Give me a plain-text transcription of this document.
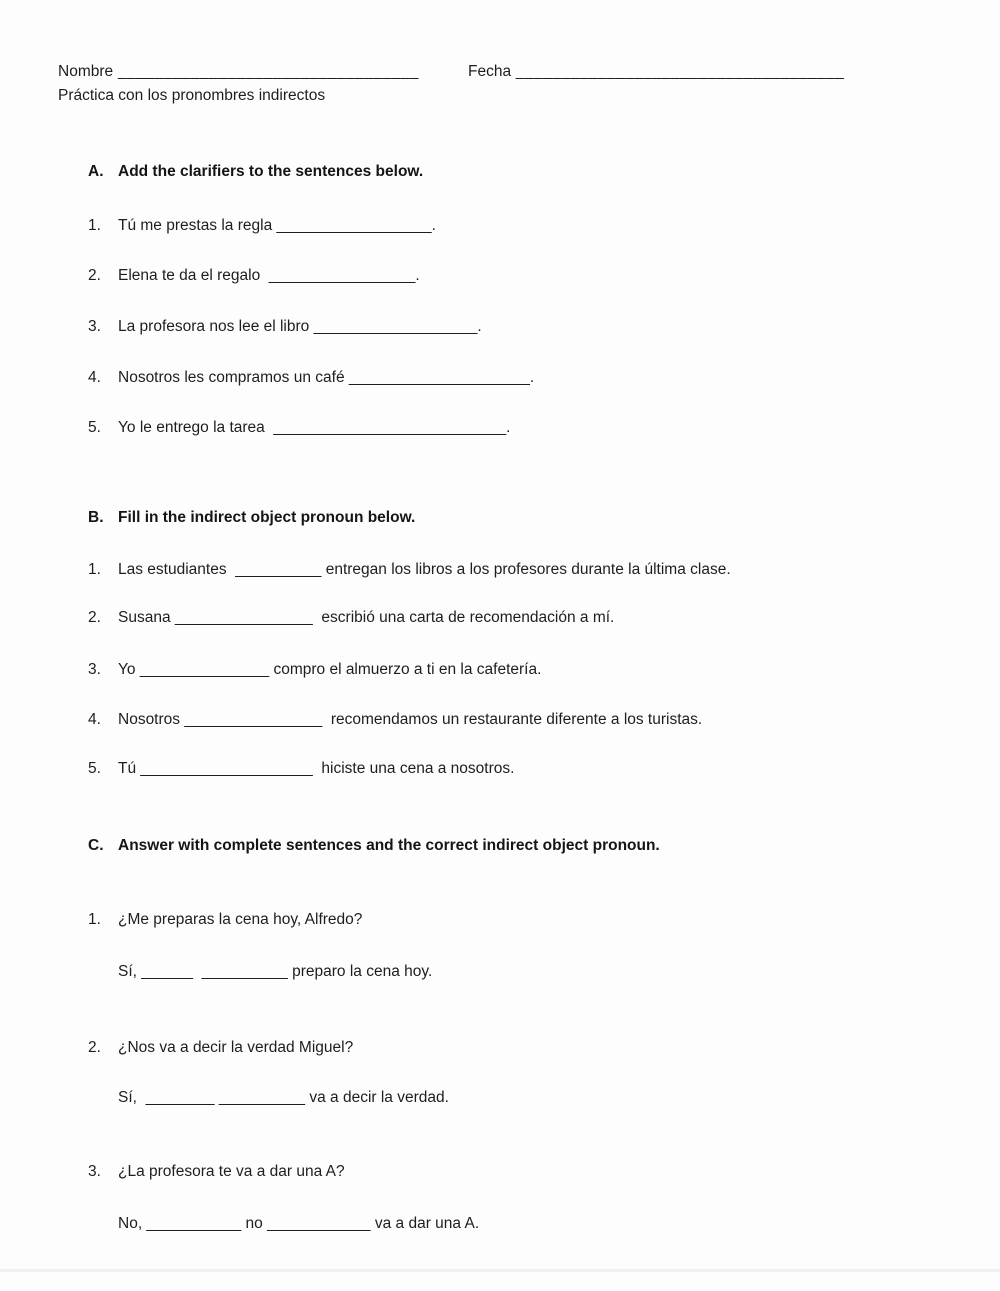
Nombre _________________________________	Fecha ____________________________________
Práctica con los pronombres indirectos
A. Add the clarifiers to the sentences below.
1.	Tú me prestas la regla __________________.
2.	Elena te da el regalo  _________________.
3.	La profesora nos lee el libro ___________________.
4.	Nosotros les compramos un café _____________________.
5.	Yo le entrego la tarea  ___________________________.
B. Fill in the indirect object pronoun below.
1.	Las estudiantes  __________ entregan los libros a los profesores durante la última clase.
2.	Susana ________________  escribió una carta de recomendación a mí.
3.	Yo _______________ compro el almuerzo a ti en la cafetería.
4.	Nosotros ________________  recomendamos un restaurante diferente a los turistas.
5.	Tú ____________________  hiciste una cena a nosotros.
C. Answer with complete sentences and the correct indirect object pronoun.
1.	¿Me preparas la cena hoy, Alfredo?
Sí, ______  __________ preparo la cena hoy.
2.	¿Nos va a decir la verdad Miguel?
Sí,  ________ __________ va a decir la verdad.
3.	¿La profesora te va a dar una A?
No, ___________ no ____________ va a dar una A.
